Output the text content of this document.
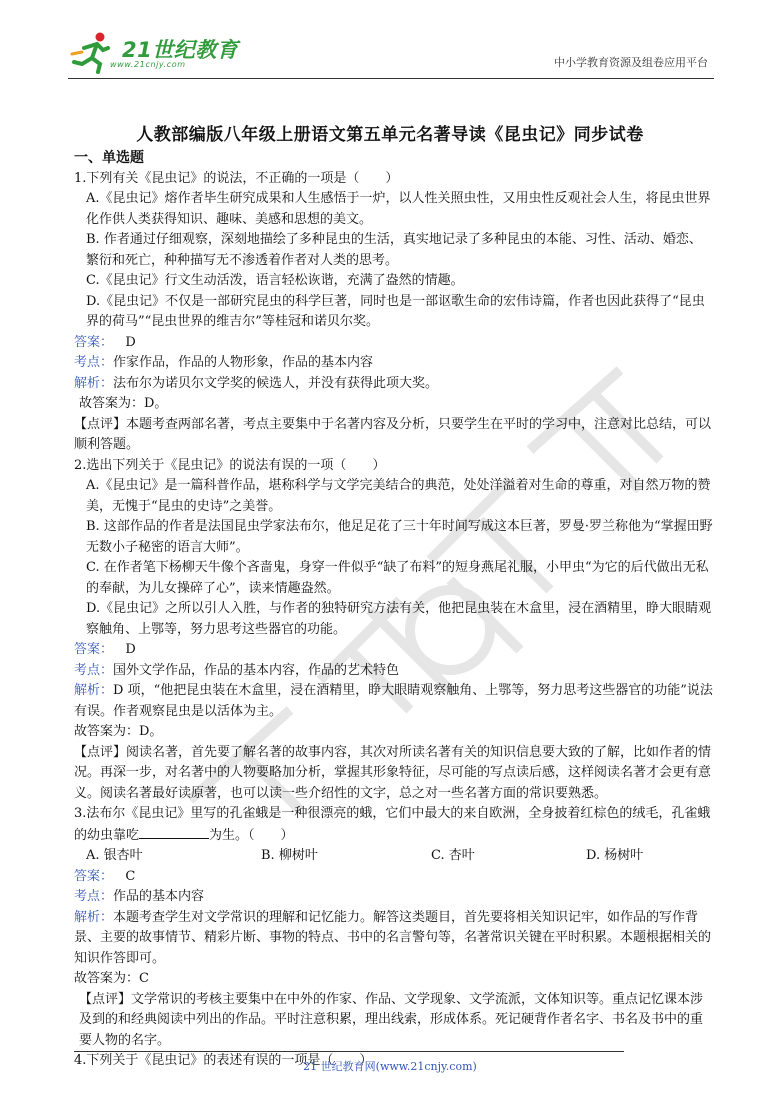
21世纪教育
www.21cnjy.com	中小学教育资源及组卷应用平台
人教部编版八年级上册语文第五单元名著导读《昆虫记》同步试卷

一、单选题

1.下列有关《昆虫记》的说法，不正确的一项是（　　）

A.《昆虫记》熔作者毕生研究成果和人生感悟于一炉，以人性关照虫性，又用虫性反观社会人生，将昆虫世界化作供人类获得知识、趣味、美感和思想的美文。

B. 作者通过仔细观察，深刻地描绘了多种昆虫的生活，真实地记录了多种昆虫的本能、习性、活动、婚恋、繁衍和死亡，种种描写无不渗透着作者对人类的思考。

C.《昆虫记》行文生动活泼，语言轻松诙谐，充满了盎然的情趣。

D.《昆虫记》不仅是一部研究昆虫的科学巨著，同时也是一部讴歌生命的宏伟诗篇，作者也因此获得了“昆虫界的荷马”“昆虫世界的维吉尔”等桂冠和诺贝尔奖。

答案： D

考点：作家作品，作品的人物形象，作品的基本内容

解析：法布尔为诺贝尔文学奖的候选人，并没有获得此项大奖。

故答案为：D。

【点评】本题考查两部名著，考点主要集中于名著内容及分析，只要学生在平时的学习中，注意对比总结，可以顺利答题。

2.选出下列关于《昆虫记》的说法有误的一项（　　）

A.《昆虫记》是一篇科普作品，堪称科学与文学完美结合的典范，处处洋溢着对生命的尊重，对自然万物的赞美，无愧于“昆虫的史诗”之美誉。

B. 这部作品的作者是法国昆虫学家法布尔，他足足花了三十年时间写成这本巨著，罗曼·罗兰称他为“掌握田野无数小子秘密的语言大师”。

C. 在作者笔下杨柳天牛像个吝啬鬼，身穿一件似乎“缺了布料”的短身燕尾礼服，小甲虫“为它的后代做出无私的奉献，为儿女操碎了心”，读来情趣盎然。

D.《昆虫记》之所以引人入胜，与作者的独特研究方法有关，他把昆虫装在木盒里，浸在酒精里，睁大眼睛观察触角、上鄂等，努力思考这些器官的功能。

答案： D

考点：国外文学作品，作品的基本内容，作品的艺术特色

解析：D 项，“他把昆虫装在木盒里，浸在酒精里，睁大眼睛观察触角、上鄂等，努力思考这些器官的功能”说法有误。作者观察昆虫是以活体为主。

故答案为：D。

【点评】阅读名著，首先要了解名著的故事内容，其次对所读名著有关的知识信息要大致的了解，比如作者的情况。再深一步，对名著中的人物要略加分析，掌握其形象特征，尽可能的写点读后感，这样阅读名著才会更有意义。阅读名著最好读原著，也可以读一些介绍性的文字，总之对一些名著方面的常识要熟悉。

3.法布尔《昆虫记》里写的孔雀蛾是一种很漂亮的蛾，它们中最大的来自欧洲，全身披着红棕色的绒毛，孔雀蛾的幼虫靠吃	为生。（　　）

A. 银杏叶	B. 柳树叶	C. 杏叶	D. 杨树叶

答案： C

考点：作品的基本内容

解析：本题考查学生对文学常识的理解和记忆能力。解答这类题目，首先要将相关知识记牢，如作品的写作背景、主要的故事情节、精彩片断、事物的特点、书中的名言警句等，名著常识关键在平时积累。本题根据相关的知识作答即可。

故答案为：C

【点评】文学常识的考核主要集中在中外的作家、作品、文学现象、文学流派，文体知识等。重点记忆课本涉及到的和经典阅读中列出的作品。平时注意积累，理出线索，形成体系。死记硬背作者名字、书名及书中的重要人物的名字。

4.下列关于《昆虫记》的表述有误的一项是（　　）

21 世纪教育网(www.21cnjy.com)
